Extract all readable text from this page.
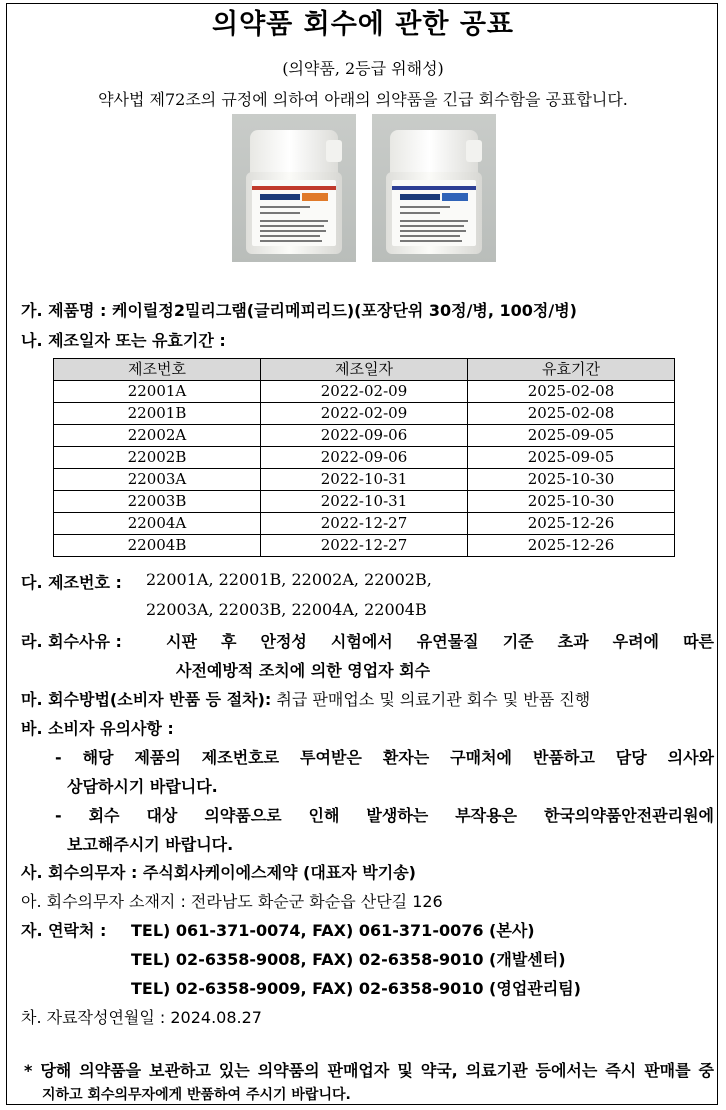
의약품 회수에 관한 공표
(의약품, 2등급 위해성)
약사법 제72조의 규정에 의하여 아래의 의약품을 긴급 회수함을 공표합니다.
가. 제품명 : 케이릴정2밀리그램(글리메피리드)(포장단위 30정/병, 100정/병)
나. 제조일자 또는 유효기간 :
제조번호	제조일자	유효기간
22001A	2022-02-09	2025-02-08
22001B	2022-02-09	2025-02-08
22002A	2022-09-06	2025-09-05
22002B	2022-09-06	2025-09-05
22003A	2022-10-31	2025-10-30
22003B	2022-10-31	2025-10-30
22004A	2022-12-27	2025-12-26
22004B	2022-12-27	2025-12-26
다. 제조번호 : 22001A, 22001B, 22002A, 22002B,
22003A, 22003B, 22004A, 22004B
라. 회수사유 :	시판 후 안정성 시험에서 유연물질 기준 초과 우려에 따른
사전예방적 조치에 의한 영업자 회수
마. 회수방법(소비자 반품 등 절차): 취급 판매업소 및 의료기관 회수 및 반품 진행
바. 소비자 유의사항 :
- 해당 제품의 제조번호로 투여받은 환자는 구매처에 반품하고 담당 의사와
상담하시기 바랍니다.
- 회수 대상 의약품으로 인해 발생하는 부작용은 한국의약품안전관리원에
보고해주시기 바랍니다.
사. 회수의무자 : 주식회사케이에스제약 (대표자 박기송)
아. 회수의무자 소재지 : 전라남도 화순군 화순읍 산단길 126
자. 연락처 : TEL) 061-371-0074, FAX) 061-371-0076 (본사)
TEL) 02-6358-9008, FAX) 02-6358-9010 (개발센터)
TEL) 02-6358-9009, FAX) 02-6358-9010 (영업관리팀)
차. 자료작성연월일 : 2024.08.27
* 당해 의약품을 보관하고 있는 의약품의 판매업자 및 약국, 의료기관 등에서는 즉시 판매를 중
지하고 회수의무자에게 반품하여 주시기 바랍니다.
